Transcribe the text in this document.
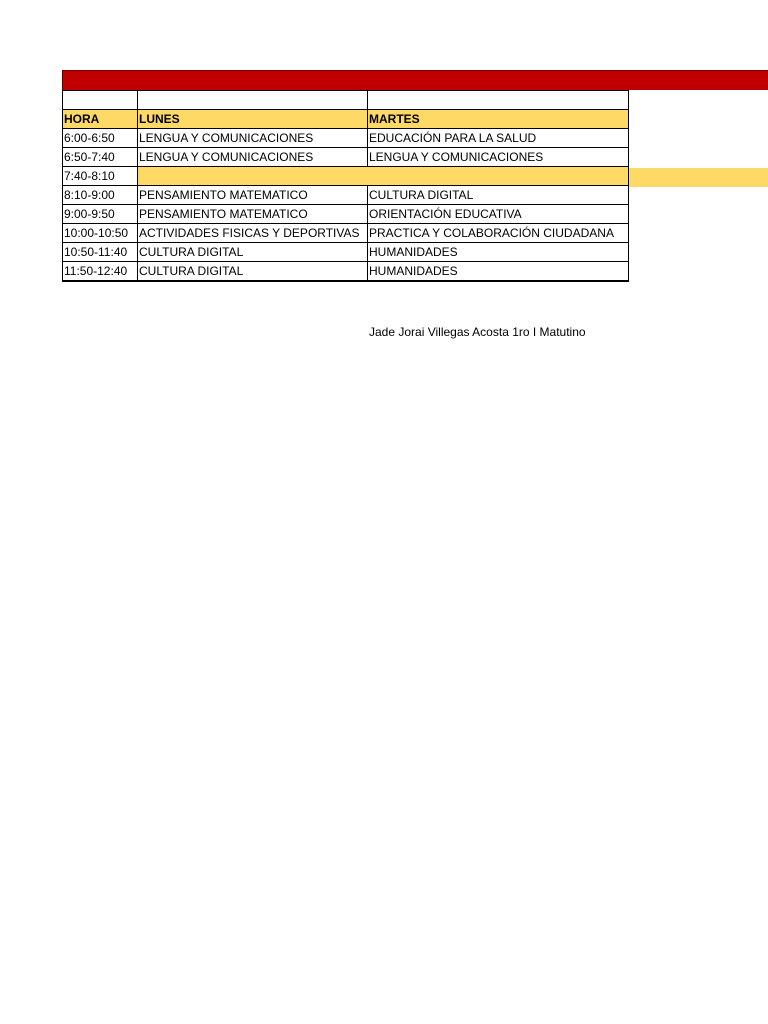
HORA	LUNES	MARTES
6:00-6:50	LENGUA Y COMUNICACIONES	EDUCACIÓN PARA LA SALUD
6:50-7:40	LENGUA Y COMUNICACIONES	LENGUA Y COMUNICACIONES
7:40-8:10		
8:10-9:00	PENSAMIENTO MATEMATICO	CULTURA DIGITAL
9:00-9:50	PENSAMIENTO MATEMATICO	ORIENTACIÓN EDUCATIVA
10:00-10:50	ACTIVIDADES FISICAS Y DEPORTIVAS	PRACTICA Y COLABORACIÓN CIUDADANA
10:50-11:40	CULTURA DIGITAL	HUMANIDADES
11:50-12:40	CULTURA DIGITAL	HUMANIDADES
Jade Jorai Villegas Acosta 1ro I Matutino
